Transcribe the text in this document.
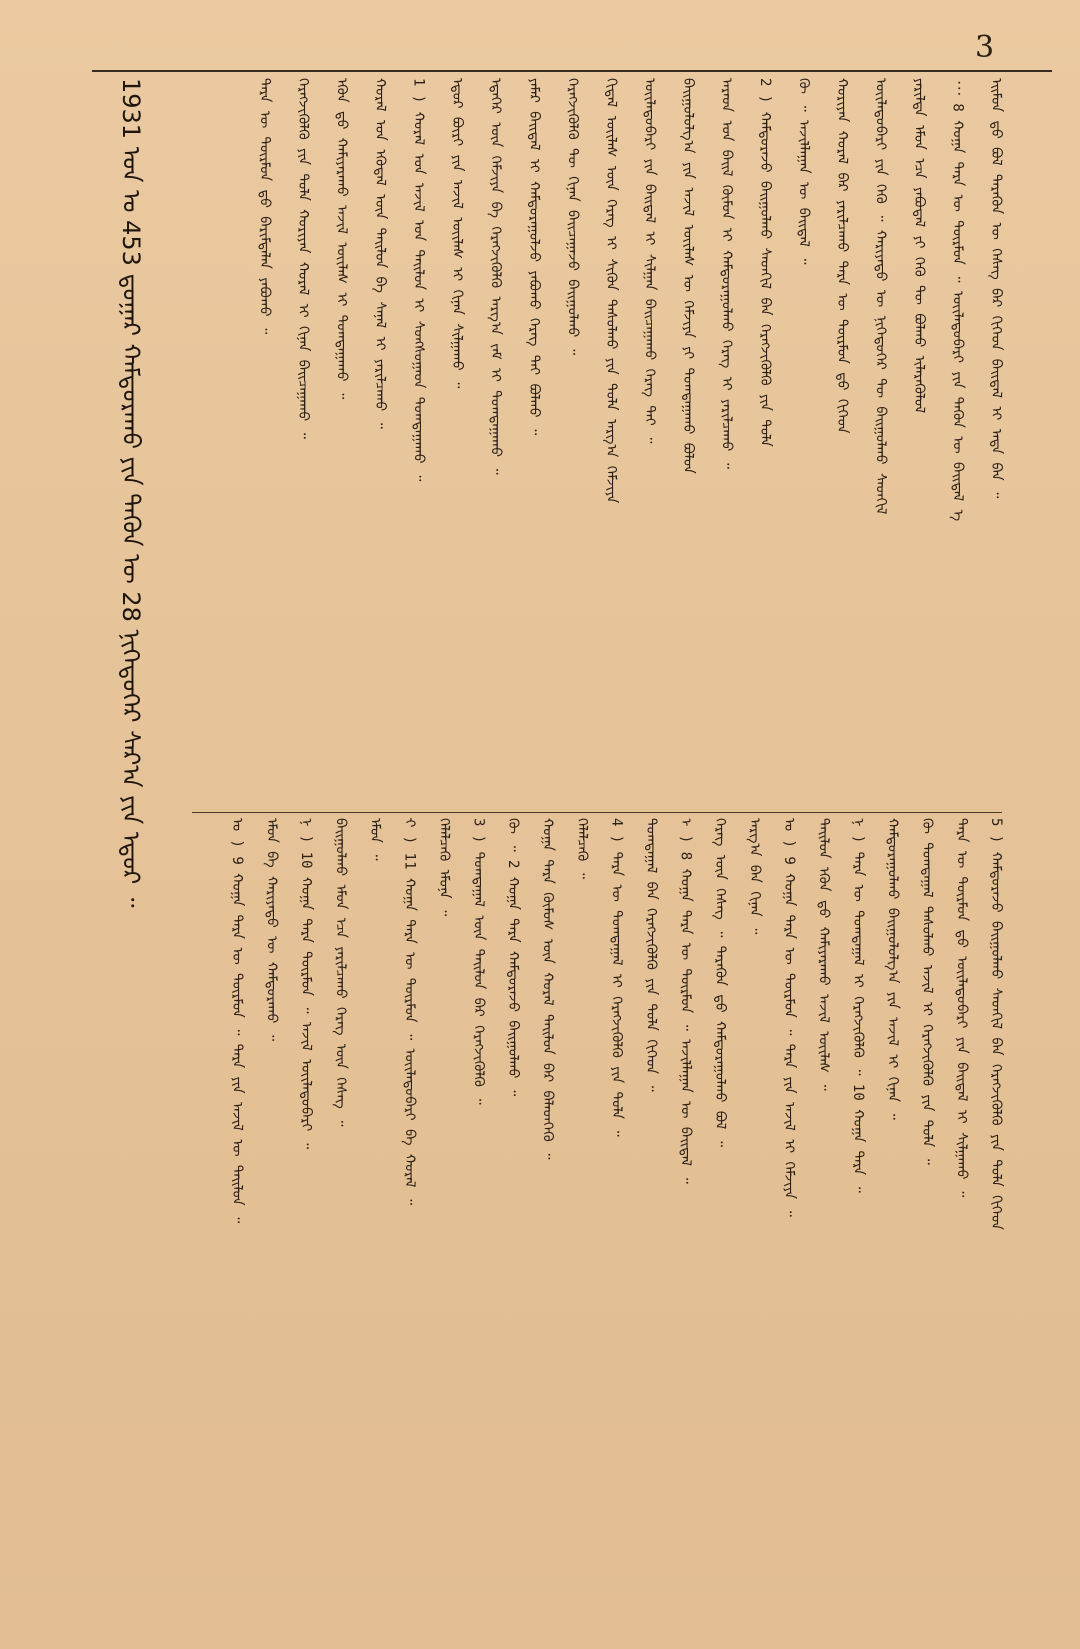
3
ᠡᠢᠮᠦᠨ ᠳ᠋ᠤ ᠪᠣᠯ ᠲᠡᠷᠡᠭᠦᠨ ᠦ ᠬᠡᠰᠡᠭ ᠪᠠᠷ ᠬᠢᠭᠡᠳ ᠪᠠᠢᠳᠠᠯ ᠢ ᠡᠨᠳᠡ ᠪᠡᠨ ᠃
᠂᠂᠂ 8 ᠬᠣᠭᠠ ᠲᠡᠷᠡ ᠦ ᠳᠦᠷᠮᠦᠨ ᠃ ᠦᠢᠯᠡᠳᠦᠪᠡᠷᠢ ᠶᠢᠨ ᠲᠡᠭᠦᠨ ᠦ ᠪᠠᠢᠳᠠᠯ ᠡ
ᠶᠠᠷᠢᠯᠲᠠ ᠡᠮᠦᠨ ᠡᠴᠡ ᠶᠠᠪᠤᠳᠠᠯ ᠶᠢ ᠭᠡᠬᠦ ᠲᠦ ᠪᠣᠯᠬᠣ ᠢᠯᠡᠷᠡᠭᠦᠯᠦᠯ
ᠦᠢᠯᠡᠳᠦᠪᠡᠷᠢ ᠶᠢᠨ ᠬᠡᠬᠦ ᠃ ᠬᠠᠷᠢᠶᠠᠲᠤ ᠦ ᠨᠢᠭᠡᠳᠦᠭᠡᠷ ᠲᠦ ᠪᠠᠢᠭᠤᠯᠬᠤ ᠰᠡᠳᠬᠢᠯ
ᠬᠣᠷᠢᠶᠠᠨ ᠬᠤᠷᠠᠯ ᠪᠡᠷ ᠶᠠᠷᠢᠯᠴᠠᠬᠤ ᠲᠡᠷᠡ ᠦ ᠳᠦᠷᠮᠦᠨ ᠳ᠋ᠤ ᠬᠢᠭᠡᠳ
ᠬᠦ ᠃ ᠠᠵᠢᠯᠯᠠᠭᠠᠨ ᠦ ᠪᠠᠢᠳᠠᠯ ᠃
2 ) ᠬᠠᠮᠲᠤᠷᠠᠵᠤ ᠪᠠᠢᠭᠤᠯᠬᠤ ᠰᠡᠳᠬᠢᠯ ᠪᠠᠨ ᠬᠡᠷᠡᠭᠵᠢᠭᠦᠯᠬᠦ ᠶᠢᠨ ᠲᠤᠯᠠ
ᠠᠷᠠᠳ ᠤᠨ ᠪᠡᠢᠯ ᠬᠦᠮᠦᠨ ᠢ ᠬᠠᠮᠲᠤᠷᠠᠭᠤᠯᠬᠤ ᠬᠡᠷᠡᠭ ᠢ ᠶᠠᠷᠢᠯᠴᠠᠬᠤ ᠃
ᠪᠠᠢᠭᠤᠯᠤᠯᠭ᠎ᠠ ᠶᠢᠨ ᠠᠵᠢᠯ ᠦᠢᠯᠡᠰ ᠦ ᠬᠡᠮᠵᠢᠶᠡ ᠶᠢ ᠲᠣᠭᠲᠠᠭᠠᠬᠤ ᠪᠣᠯᠤᠨ
ᠦᠢᠯᠡᠳᠦᠪᠡᠷᠢ ᠶᠢᠨ ᠪᠠᠢᠳᠠᠯ ᠢ ᠰᠢᠯᠭᠠᠨ ᠪᠠᠢᠴᠠᠭᠠᠬᠤ ᠬᠡᠷᠡᠭ ᠲᠡᠢ ᠃
ᠬᠢᠳᠠᠯ ᠦᠢᠯᠡᠰ ᠦᠨ ᠬᠡᠷᠡᠭ ᠢ ᠰᠢᠭᠦᠨ ᠲᠠᠰᠤᠯᠬᠤ ᠶᠢᠨ ᠲᠤᠯᠠ ᠠᠷᠭ᠎ᠠ ᠬᠡᠮᠵᠢᠶᠡ
ᠬᠡᠷᠡᠭᠵᠢᠭᠦᠯᠬᠦ ᠲᠦ ᠬᠢᠨᠠᠨ ᠪᠠᠢᠴᠠᠭᠠᠵᠤ ᠪᠠᠢᠭᠤᠯᠬᠤ ᠃
ᠶᠠᠮᠠᠷ ᠪᠠᠢᠳᠠᠯ ᠢ ᠬᠠᠮᠲᠤᠷᠠᠭᠤᠯᠵᠤ ᠶᠠᠪᠤᠬᠤ ᠬᠡᠷᠡᠭ ᠲᠡᠢ ᠪᠣᠯᠬᠤ ᠃
ᠡᠳᠡᠭᠡᠷ ᠦᠨ ᠬᠡᠮᠵᠢᠶᠡ ᠪᠠ ᠬᠡᠷᠡᠭᠵᠢᠭᠦᠯᠬᠦ ᠠᠷᠭ᠎ᠠ ᠵᠠᠮ ᠢ ᠲᠣᠭᠲᠠᠭᠠᠬᠤ ᠃
ᠡᠳᠦᠷ ᠪᠦᠷᠢ ᠶᠢᠨ ᠠᠵᠢᠯ ᠦᠢᠯᠡᠰ ᠢ ᠬᠢᠨᠠᠨ ᠰᠢᠯᠭᠠᠬᠤ ᠃
1 ) ᠬᠤᠷᠠᠯ ᠤᠨ ᠠᠵᠢᠯ ᠤᠨ ᠲᠠᠢᠯᠤᠨ ᠢ ᠰᠣᠩᠰᠣᠭᠠᠳ ᠲᠣᠭᠲᠠᠭᠠᠬᠤ ᠃
ᠬᠤᠷᠠᠯ ᠤᠨ ᠡᠭᠦᠳᠡᠯ ᠦᠨ ᠲᠠᠢᠯᠤᠨ ᠪᠠ ᠰᠠᠨᠠᠯ ᠢ ᠶᠠᠷᠢᠯᠴᠠᠬᠤ ᠃
ᠡᠭᠦᠨ ᠳ᠋ᠦ ᠬᠠᠮᠢᠶᠠᠷᠠᠬᠤ ᠠᠵᠢᠯ ᠦᠢᠯᠡᠰ ᠢ ᠲᠣᠭᠲᠠᠭᠠᠬᠤ ᠃
ᠬᠡᠷᠡᠭᠵᠢᠭᠦᠯᠬᠦ ᠶᠢᠨ ᠲᠤᠯᠠ ᠬᠣᠷᠢᠶᠠᠨ ᠬᠤᠷᠠᠯ ᠢ ᠬᠢᠨᠠᠨ ᠪᠠᠢᠴᠠᠭᠠᠬᠤ ᠃
ᠲᠡᠷᠡ ᠦ ᠳᠦᠷᠮᠦᠨ ᠳ᠋ᠤ ᠪᠠᠷᠢᠮᠲᠠᠯᠠᠨ ᠶᠠᠪᠤᠬᠤ ᠃
5 ) ᠬᠠᠮᠲᠤᠷᠠᠵᠤ ᠪᠠᠢᠭᠤᠯᠬᠤ ᠰᠡᠳᠬᠢᠯ ᠪᠠᠨ ᠬᠡᠷᠡᠭᠵᠢᠭᠦᠯᠬᠦ ᠶᠢᠨ ᠲᠤᠯᠠ ᠬᠢᠭᠡᠳ
ᠲᠡᠷᠡ ᠦ ᠳᠦᠷᠮᠦᠨ ᠳ᠋ᠦ ᠦᠢᠯᠡᠳᠦᠪᠡᠷᠢ ᠶᠢᠨ ᠪᠠᠢᠳᠠᠯ ᠢ ᠰᠢᠯᠭᠠᠬᠤ ᠃
ᠬᠦ ᠲᠣᠭᠲᠠᠭᠠᠯ ᠲᠠᠰᠤᠯᠬᠤ ᠠᠵᠢᠯ ᠢ ᠬᠡᠷᠡᠭᠵᠢᠭᠦᠯᠬᠦ ᠶᠢᠨ ᠲᠤᠯᠠ ᠃
ᠬᠠᠮᠲᠤᠷᠠᠭᠤᠯᠬᠤ ᠪᠠᠢᠭᠤᠯᠤᠯᠭ᠎ᠠ ᠶᠢᠨ ᠠᠵᠢᠯ ᠢ ᠬᠢᠨᠠᠨ ᠃
ᠨ ) ᠲᠡᠷᠡ ᠦ ᠲᠣᠭᠲᠠᠭᠠᠯ ᠢ ᠬᠡᠷᠡᠭᠵᠢᠭᠦᠯᠬᠦ ᠃ 10 ᠬᠣᠭᠠ ᠲᠡᠷᠡ ᠃
ᠲᠠᠢᠯᠤᠨ ᠡᠭᠦᠨ ᠳ᠋ᠦ ᠬᠠᠮᠢᠶᠠᠷᠠᠬᠤ ᠠᠵᠢᠯ ᠦᠢᠯᠡᠰ ᠃
ᠤ ) 9 ᠬᠣᠭᠠ ᠲᠡᠷᠡ ᠦ ᠳᠦᠷᠮᠦᠨ ᠃ ᠲᠡᠷᠡ ᠶᠢᠨ ᠠᠵᠢᠯ ᠢ ᠬᠡᠮᠵᠢᠶᠡ ᠃
ᠠᠷᠭ᠎ᠠ ᠪᠠᠨ ᠬᠢᠨᠠᠨ ᠃
ᠬᠡᠷᠡᠭ ᠦᠨ ᠬᠡᠰᠡᠭ ᠃ ᠲᠡᠷᠡᠭᠦᠨ ᠳ᠋ᠦ ᠬᠠᠮᠲᠤᠷᠠᠭᠤᠯᠬᠤ ᠪᠣᠯ ᠃
ᠨ᠋ ) 8 ᠬᠣᠭᠠ ᠲᠡᠷᠡ ᠦ ᠳᠦᠷᠮᠦᠨ ᠃ ᠠᠵᠢᠯᠯᠠᠭᠠᠨ ᠦ ᠪᠠᠢᠳᠠᠯ ᠃
ᠲᠣᠭᠲᠠᠭᠠᠯ ᠪᠠᠨ ᠬᠡᠷᠡᠭᠵᠢᠭᠦᠯᠬᠦ ᠶᠢᠨ ᠲᠤᠯᠠ ᠬᠢᠭᠡᠳ ᠃
4 ) ᠲᠡᠷᠡ ᠦ ᠲᠣᠭᠲᠠᠭᠠᠯ ᠢ ᠬᠡᠷᠡᠭᠵᠢᠭᠦᠯᠬᠦ ᠶᠢᠨ ᠲᠤᠯᠠ ᠃
ᠬᠡᠯᠡᠯᠴᠡᠬᠦ ᠃
ᠬᠣᠭᠠ ᠲᠡᠷᠡ ᠬᠦᠮᠦᠰ ᠦᠨ ᠬᠤᠷᠠᠯ ᠲᠠᠢᠯᠤᠨ ᠪᠠᠷ ᠪᠡᠯᠡᠳᠬᠡᠬᠦ ᠃
ᠬᠦ ᠃ 2 ᠬᠣᠭᠠ ᠲᠡᠷᠡ ᠬᠠᠮᠲᠤᠷᠠᠵᠤ ᠪᠠᠢᠭᠤᠯᠬᠤ ᠃
3 ) ᠲᠣᠭᠲᠠᠭᠠᠯ ᠦᠨ ᠲᠠᠢᠯᠤᠨ ᠪᠠᠷ ᠬᠡᠷᠡᠭᠵᠢᠭᠦᠯᠬᠦ ᠃
ᠬᠡᠯᠡᠯᠴᠡᠬᠦ ᠡᠮᠦᠨᠡ ᠃
᠊ᠢ ) 11 ᠬᠣᠭᠠ ᠲᠡᠷᠡ ᠦ ᠳᠦᠷᠮᠦᠨ ᠃ ᠦᠢᠯᠡᠳᠦᠪᠡᠷᠢ ᠪᠠ ᠬᠤᠷᠠᠯ ᠃
ᠡᠮᠦᠨ ᠃
ᠪᠠᠢᠭᠤᠯᠬᠤ ᠡᠮᠦᠨ ᠡᠴᠡ ᠶᠠᠷᠢᠯᠴᠠᠬᠤ ᠬᠡᠷᠡᠭ ᠦᠨ ᠬᠡᠰᠡᠭ ᠃
ᠨ ) 10 ᠬᠣᠭᠠ ᠲᠡᠷᠡ ᠳᠦᠷᠮᠦᠨ ᠃ ᠠᠵᠢᠯ ᠦᠢᠯᠡᠳᠦᠪᠡᠷᠢ ᠃
ᠡᠮᠦᠨ ᠪᠠ ᠬᠠᠷᠢᠶᠠᠲᠤ ᠦ ᠬᠠᠮᠲᠤᠷᠠᠬᠤ ᠃
ᠤ ) 9 ᠬᠣᠭᠠ ᠲᠡᠷᠡ ᠦ ᠳᠦᠷᠮᠦᠨ ᠃ ᠲᠡᠷᠡ ᠶᠢᠨ ᠠᠵᠢᠯ ᠦ ᠲᠠᠢᠯᠤᠨ ᠃
1931 ᠣᠨ ᠤ 453 ᠳ᠋ᠤᠭᠠᠷ ᠬᠠᠮᠲᠤᠷᠠᠬᠤ ᠶᠢᠨ ᠲᠡᠭᠦᠨ ᠦ 28 ᠨᠢᠭᠡᠳᠦᠭᠡᠷ ᠰᠠᠷ᠎ᠠ ᠶᠢᠨ ᠡᠳᠦᠷ ᠃
